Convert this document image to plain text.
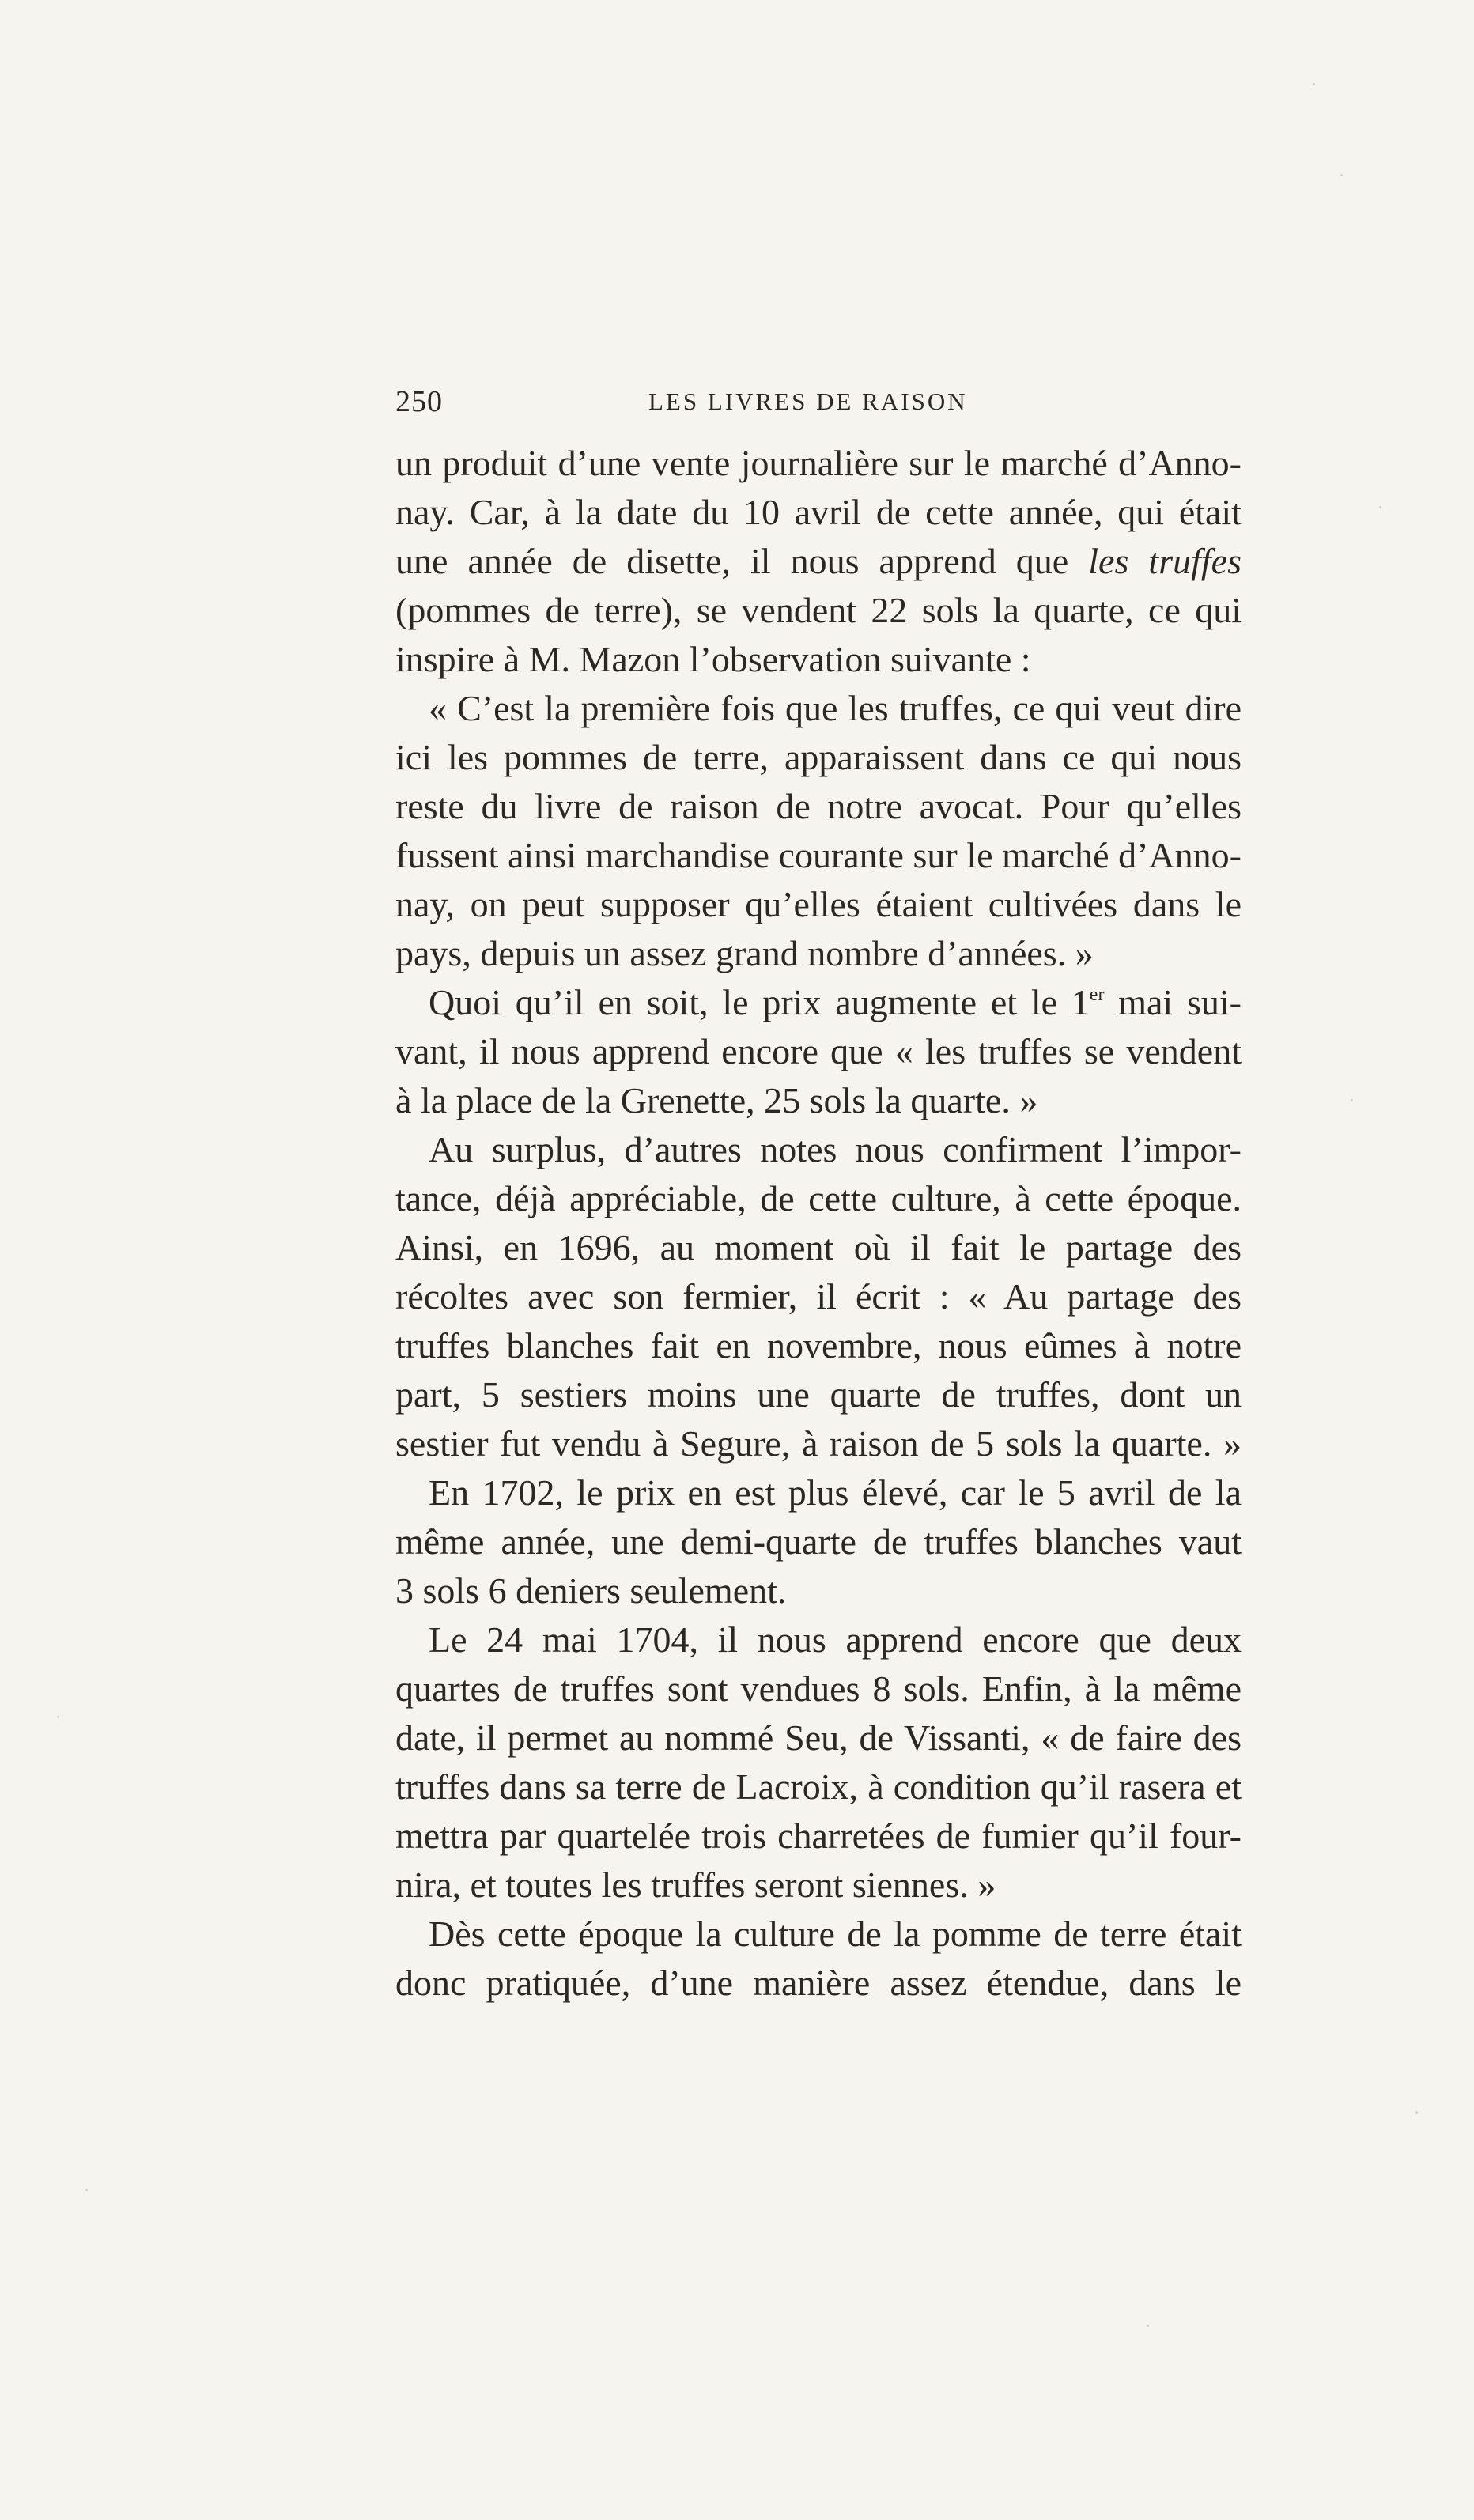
250	LES LIVRES DE RAISON
un produit d’une vente journalière sur le marché d’Anno-
nay. Car, à la date du 10 avril de cette année, qui était
une année de disette, il nous apprend que les truffes
(pommes de terre), se vendent 22 sols la quarte, ce qui
inspire à M. Mazon l’observation suivante :
« C’est la première fois que les truffes, ce qui veut dire
ici les pommes de terre, apparaissent dans ce qui nous
reste du livre de raison de notre avocat. Pour qu’elles
fussent ainsi marchandise courante sur le marché d’Anno-
nay, on peut supposer qu’elles étaient cultivées dans le
pays, depuis un assez grand nombre d’années. »
Quoi qu’il en soit, le prix augmente et le 1er mai sui-
vant, il nous apprend encore que « les truffes se vendent
à la place de la Grenette, 25 sols la quarte. »
Au surplus, d’autres notes nous confirment l’impor-
tance, déjà appréciable, de cette culture, à cette époque.
Ainsi, en 1696, au moment où il fait le partage des
récoltes avec son fermier, il écrit : « Au partage des
truffes blanches fait en novembre, nous eûmes à notre
part, 5 sestiers moins une quarte de truffes, dont un
sestier fut vendu à Segure, à raison de 5 sols la quarte. »
En 1702, le prix en est plus élevé, car le 5 avril de la
même année, une demi-quarte de truffes blanches vaut
3 sols 6 deniers seulement.
Le 24 mai 1704, il nous apprend encore que deux
quartes de truffes sont vendues 8 sols. Enfin, à la même
date, il permet au nommé Seu, de Vissanti, « de faire des
truffes dans sa terre de Lacroix, à condition qu’il rasera et
mettra par quartelée trois charretées de fumier qu’il four-
nira, et toutes les truffes seront siennes. »
Dès cette époque la culture de la pomme de terre était
donc pratiquée, d’une manière assez étendue, dans le
